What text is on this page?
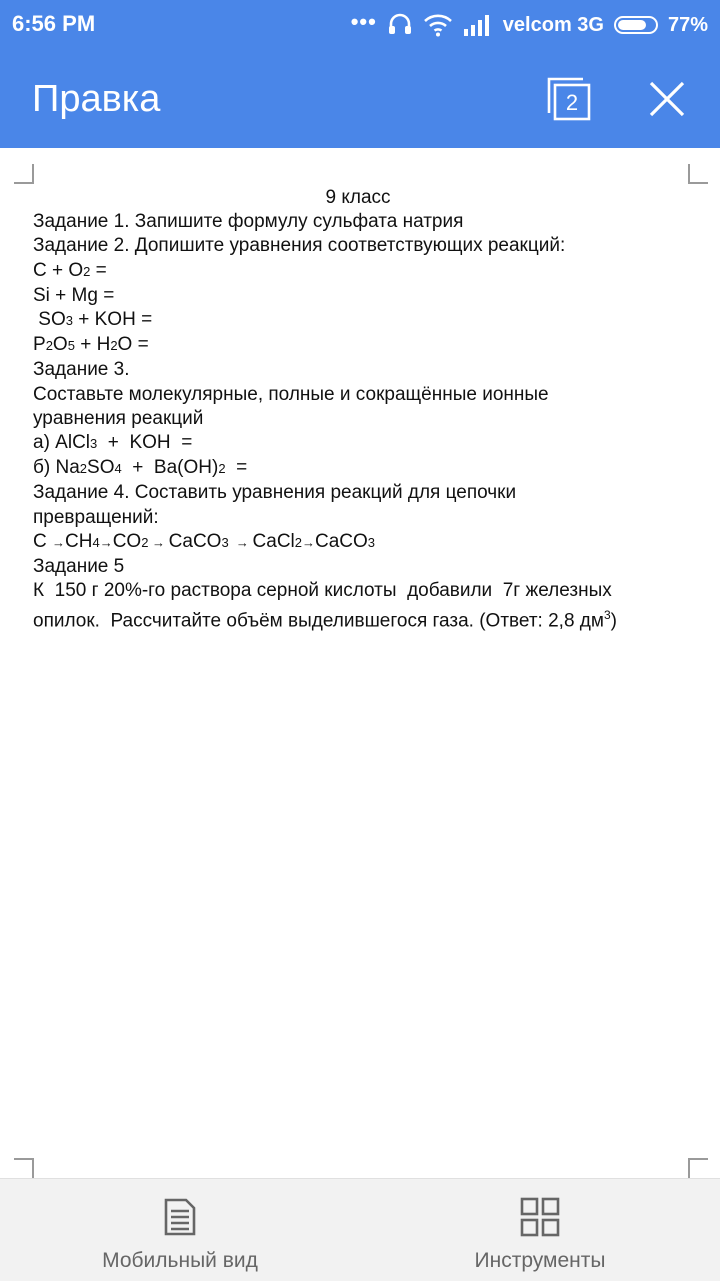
6:56 PM	•••	velcom 3G	77%
Правка	2
9 класс
Задание 1. Запишите формулу сульфата натрия
Задание 2. Допишите уравнения соответствующих реакций:
С + О2 =
Si + Mg =
SO3 + KOH =
P2O5 + H2O =
Задание 3.
Составьте молекулярные, полные и сокращённые ионные
уравнения реакций
а) AlCl3  +  KOH  =
б) Na2SO4  +  Ba(OH)2  =
Задание 4. Составить уравнения реакций для цепочки
превращений:
C →CH4→CO2 → CaCO3  → CaCl2→CaCO3
Задание 5
К  150 г 20%-го раствора серной кислоты  добавили  7г железных
опилок.  Рассчитайте объём выделившегося газа. (Ответ: 2,8 $дм^3$)
Мобильный вид	Инструменты
